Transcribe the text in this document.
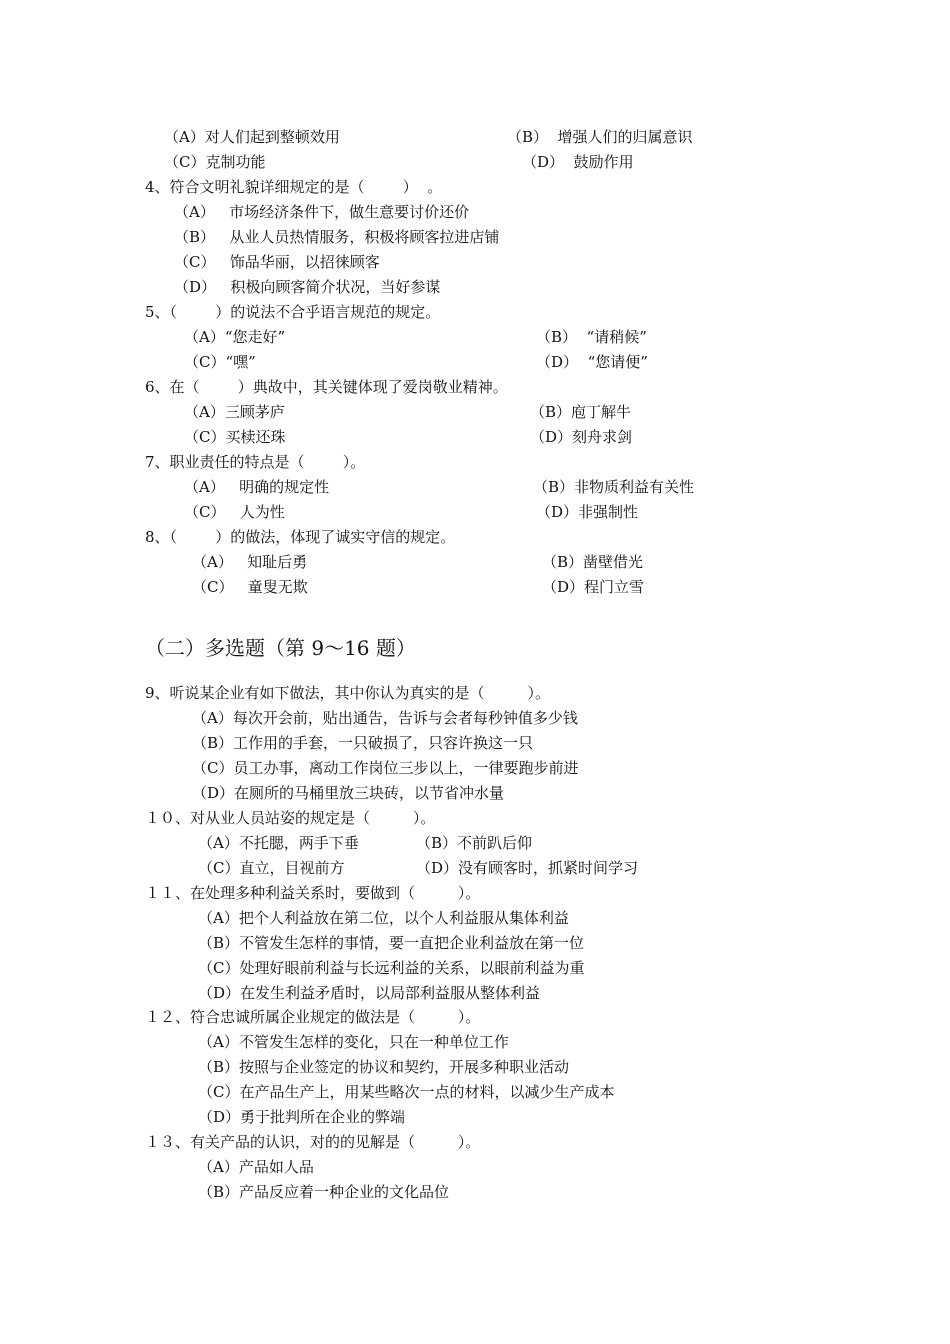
（A）对人们起到整顿效用	（B）  增强人们的归属意识
（C）克制功能	（D）  鼓励作用
4、符合文明礼貌详细规定的是（        ）  。
（A）   市场经济条件下，做生意要讨价还价
（B）   从业人员热情服务，积极将顾客拉进店铺
（C）   饰品华丽，以招徕顾客
（D）   积极向顾客简介状况，当好参谋
5、（        ）的说法不合乎语言规范的规定。
（A）“您走好”	（B）  “请稍候”
（C）“嘿”	（D）  “您请便”
6、在（        ）典故中，其关键体现了爱岗敬业精神。
（A）三顾茅庐	（B）庖丁解牛
（C）买椟还珠	（D）刻舟求剑
7、职业责任的特点是（        ）。
（A）   明确的规定性	（B）非物质利益有关性
（C）   人为性	（D）非强制性
8、（        ）的做法，体现了诚实守信的规定。
（A）   知耻后勇	（B）凿壁借光
（C）   童叟无欺	（D）程门立雪
（二）多选题（第 9～16 题）
9、听说某企业有如下做法，其中你认为真实的是（         ）。
（A）每次开会前，贴出通告，告诉与会者每秒钟值多少钱
（B）工作用的手套，一只破损了，只容许换这一只
（C）员工办事，离动工作岗位三步以上，一律要跑步前进
（D）在厕所的马桶里放三块砖，以节省冲水量
１０、对从业人员站姿的规定是（         ）。
（A）不托腮，两手下垂	（B）不前趴后仰
（C）直立，目视前方	（D）没有顾客时，抓紧时间学习
１１、在处理多种利益关系时，要做到（         ）。
（A）把个人利益放在第二位，以个人利益服从集体利益
（B）不管发生怎样的事情，要一直把企业利益放在第一位
（C）处理好眼前利益与长远利益的关系，以眼前利益为重
（D）在发生利益矛盾时，以局部利益服从整体利益
１２、符合忠诚所属企业规定的做法是（         ）。
（A）不管发生怎样的变化，只在一种单位工作
（B）按照与企业签定的协议和契约，开展多种职业活动
（C）在产品生产上，用某些略次一点的材料，以减少生产成本
（D）勇于批判所在企业的弊端
１３、有关产品的认识，对的的见解是（         ）。
（A）产品如人品
（B）产品反应着一种企业的文化品位
